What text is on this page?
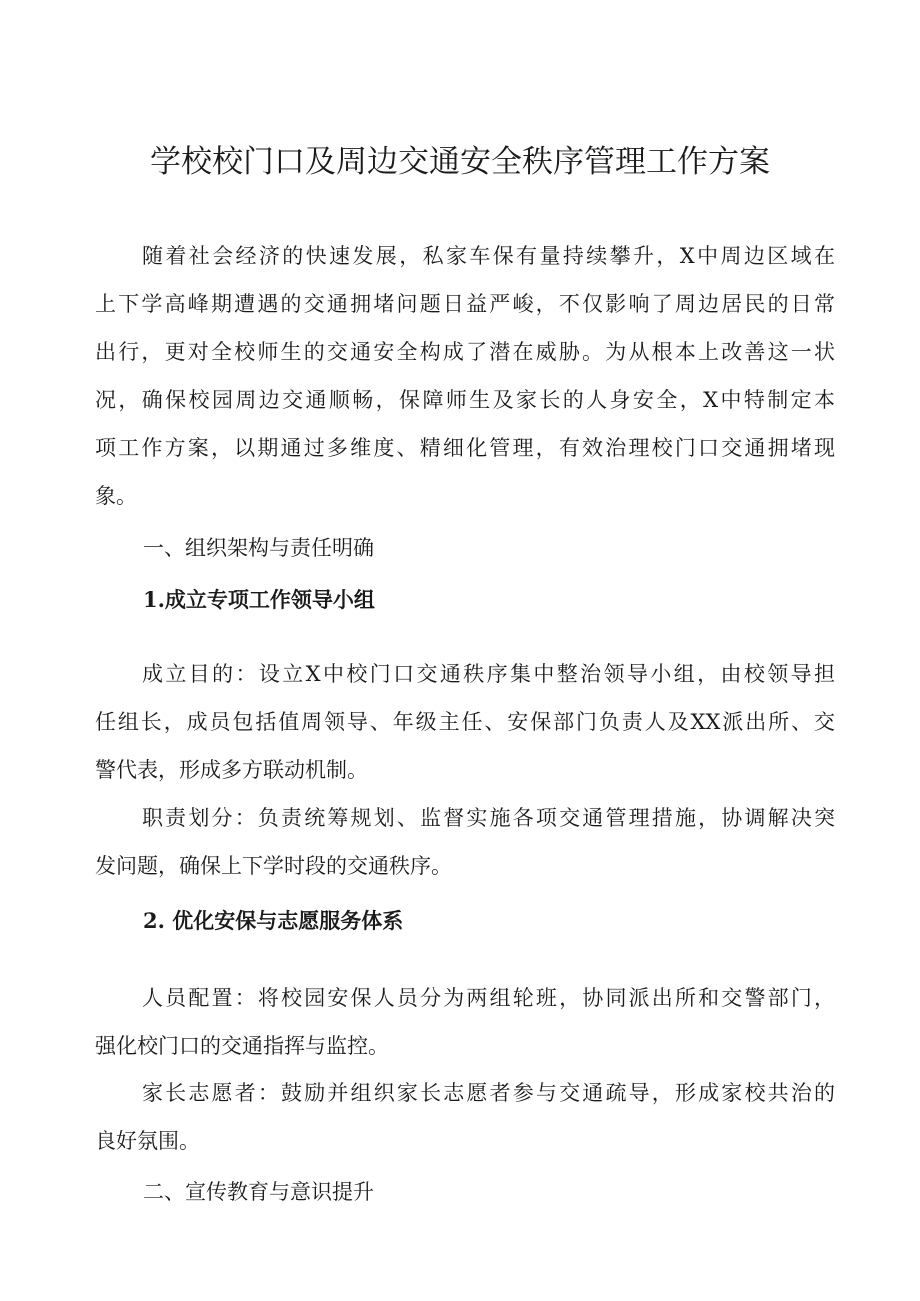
学校校门口及周边交通安全秩序管理工作方案
随着社会经济的快速发展，私家车保有量持续攀升，X中周边区域在
上下学高峰期遭遇的交通拥堵问题日益严峻，不仅影响了周边居民的日常
出行，更对全校师生的交通安全构成了潜在威胁。为从根本上改善这一状
况，确保校园周边交通顺畅，保障师生及家长的人身安全，X中特制定本
项工作方案，以期通过多维度、精细化管理，有效治理校门口交通拥堵现
象。
一、组织架构与责任明确
1.成立专项工作领导小组
成立目的：设立X中校门口交通秩序集中整治领导小组，由校领导担
任组长，成员包括值周领导、年级主任、安保部门负责人及XX派出所、交
警代表，形成多方联动机制。
职责划分：负责统筹规划、监督实施各项交通管理措施，协调解决突
发问题，确保上下学时段的交通秩序。
2. 优化安保与志愿服务体系
人员配置：将校园安保人员分为两组轮班，协同派出所和交警部门，
强化校门口的交通指挥与监控。
家长志愿者：鼓励并组织家长志愿者参与交通疏导，形成家校共治的
良好氛围。
二、宣传教育与意识提升
